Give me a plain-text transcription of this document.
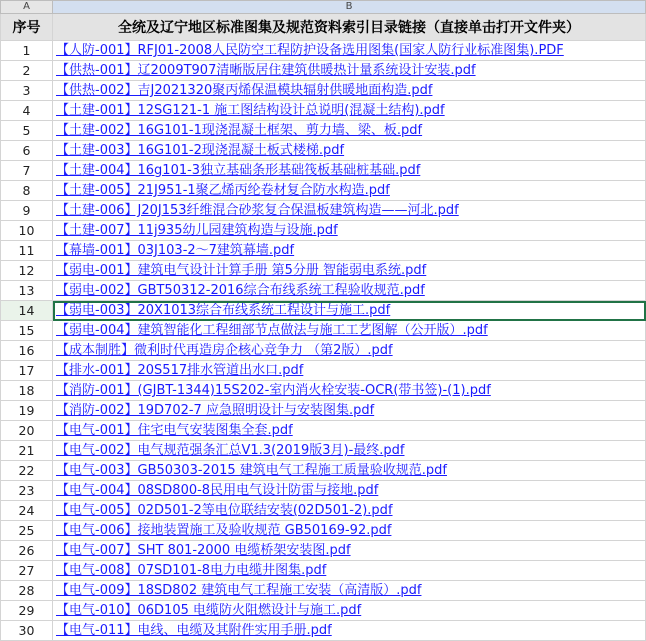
A	B
序号	全统及辽宁地区标准图集及规范资料索引目录链接（直接单击打开文件夹）
1	【人防-001】RFJ01-2008人民防空工程防护设备选用图集(国家人防行业标准图集).PDF
2	【供热-001】辽2009T907清晰版居住建筑供暖热计量系统设计安装.pdf
3	【供热-002】吉J2021320聚丙烯保温模块辐射供暖地面构造.pdf
4	【土建-001】12SG121-1 施工图结构设计总说明(混凝土结构).pdf
5	【土建-002】16G101-1现浇混凝土框架、剪力墙、梁、板.pdf
6	【土建-003】16G101-2现浇混凝土板式楼梯.pdf
7	【土建-004】16g101-3独立基础条形基础筏板基础桩基础.pdf
8	【土建-005】21J951-1聚乙烯丙纶卷材复合防水构造.pdf
9	【土建-006】J20J153纤维混合砂浆复合保温板建筑构造——河北.pdf
10	【土建-007】11j935幼儿园建筑构造与设施.pdf
11	【幕墙-001】03J103-2～7建筑幕墙.pdf
12	【弱电-001】建筑电气设计计算手册 第5分册 智能弱电系统.pdf
13	【弱电-002】GBT50312-2016综合布线系统工程验收规范.pdf
14	【弱电-003】20X1013综合布线系统工程设计与施工.pdf
15	【弱电-004】建筑智能化工程细部节点做法与施工工艺图解（公开版）.pdf
16	【成本制胜】微利时代再造房企核心竞争力 （第2版）.pdf
17	【排水-001】20S517排水管道出水口.pdf
18	【消防-001】(GJBT-1344)15S202-室内消火栓安装-OCR(带书签)-(1).pdf
19	【消防-002】19D702-7 应急照明设计与安装图集.pdf
20	【电气-001】住宅电气安装图集全套.pdf
21	【电气-002】电气规范强条汇总V1.3(2019版3月)-最终.pdf
22	【电气-003】GB50303-2015 建筑电气工程施工质量验收规范.pdf
23	【电气-004】08SD800-8民用电气设计防雷与接地.pdf
24	【电气-005】02D501-2等电位联结安装(02D501-2).pdf
25	【电气-006】接地装置施工及验收规范 GB50169-92.pdf
26	【电气-007】SHT 801-2000 电缆桥架安装图.pdf
27	【电气-008】07SD101-8电力电缆井图集.pdf
28	【电气-009】18SD802 建筑电气工程施工安装（高清版）.pdf
29	【电气-010】06D105 电缆防火阻燃设计与施工.pdf
30	【电气-011】电线、电缆及其附件实用手册.pdf
